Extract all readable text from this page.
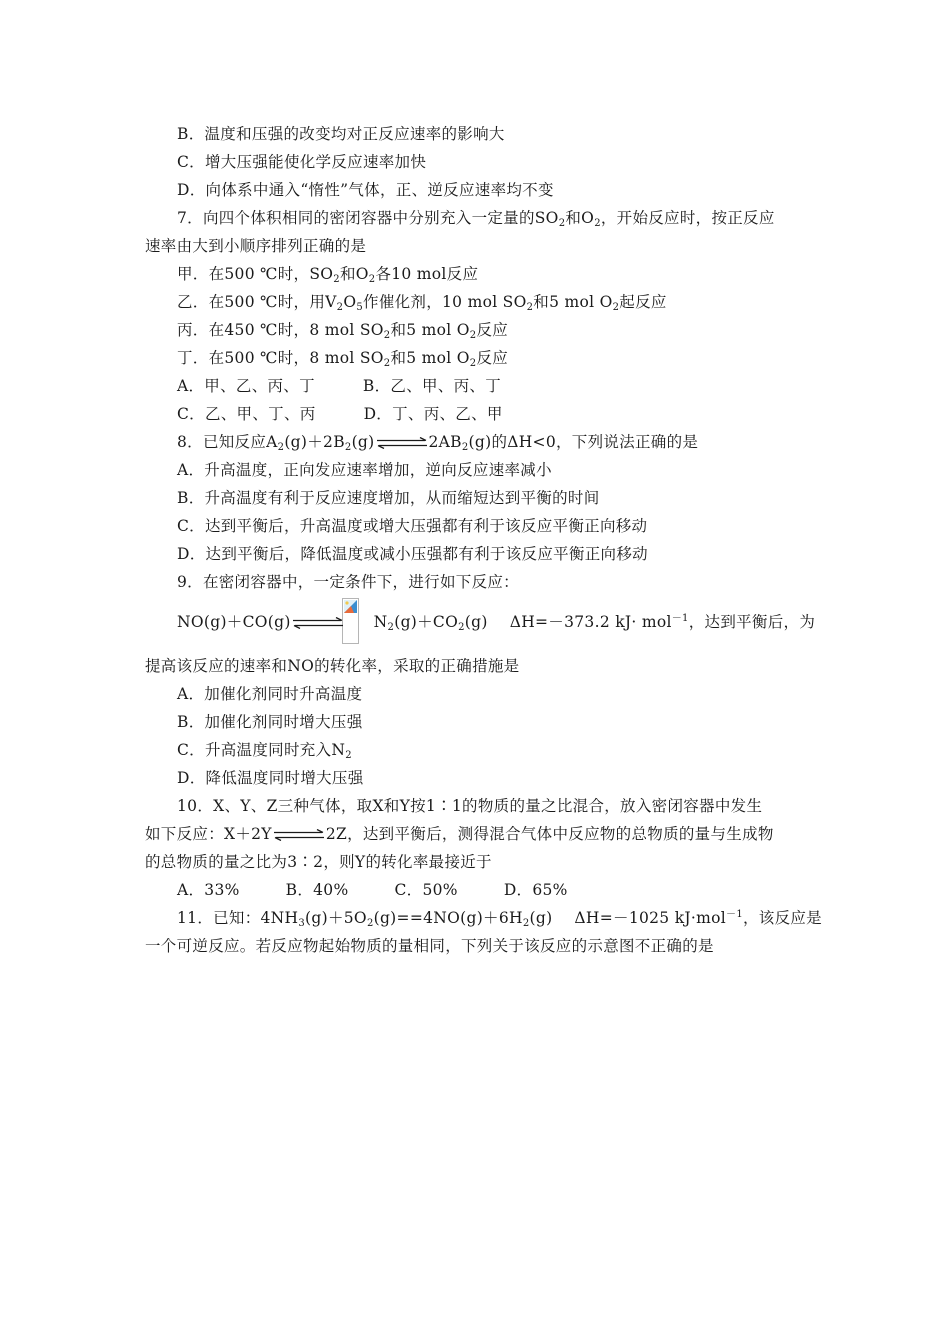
B．温度和压强的改变均对正反应速率的影响大
C．增大压强能使化学反应速率加快
D．向体系中通入“惰性”气体，正、逆反应速率均不变
7．向四个体积相同的密闭容器中分别充入一定量的$SO_2$和$O_2$，开始反应时，按正反应
速率由大到小顺序排列正确的是
甲．在500 ℃时，$SO_2$和$O_2$各10 mol反应
乙．在500 ℃时，用$V_2O_5$作催化剂，10 mol $SO_2$和5 mol $O_2$起反应
丙．在450 ℃时，8 mol $SO_2$和5 mol $O_2$反应
丁．在500 ℃时，8 mol $SO_2$和5 mol $O_2$反应
A．甲、乙、丙、丁	B．乙、甲、丙、丁
C．乙、甲、丁、丙	D．丁、丙、乙、甲
8．已知反应$A_2(g)+2B_2(g)\rightleftharpoons 2AB_2(g)$的ΔH<0，下列说法正确的是
A．升高温度，正向发应速率增加，逆向反应速率减小
B．升高温度有利于反应速度增加，从而缩短达到平衡的时间
C．达到平衡后，升高温度或增大压强都有利于该反应平衡正向移动
D．达到平衡后，降低温度或减小压强都有利于该反应平衡正向移动
9．在密闭容器中，一定条件下，进行如下反应：
NO(g)＋CO(g)⇌ $N_2(g)+CO_2(g)$ ΔH=－373.2 kJ· mol$^{-1}$，达到平衡后，为
提高该反应的速率和NO的转化率，采取的正确措施是
A．加催化剂同时升高温度
B．加催化剂同时增大压强
C．升高温度同时充入$N_2$
D．降低温度同时增大压强
10．X、Y、Z三种气体，取X和Y按1∶1的物质的量之比混合，放入密闭容器中发生
如下反应：X＋2Y⇌2Z，达到平衡后，测得混合气体中反应物的总物质的量与生成物
的总物质的量之比为3∶2，则Y的转化率最接近于
A．33%	B．40%	C．50%	D．65%
11．已知：$4NH_3(g)+5O_2(g)==4NO(g)+6H_2(g)$ ΔH=－1025 kJ·mol$^{-1}$，该反应是
一个可逆反应。若反应物起始物质的量相同，下列关于该反应的示意图不正确的是
